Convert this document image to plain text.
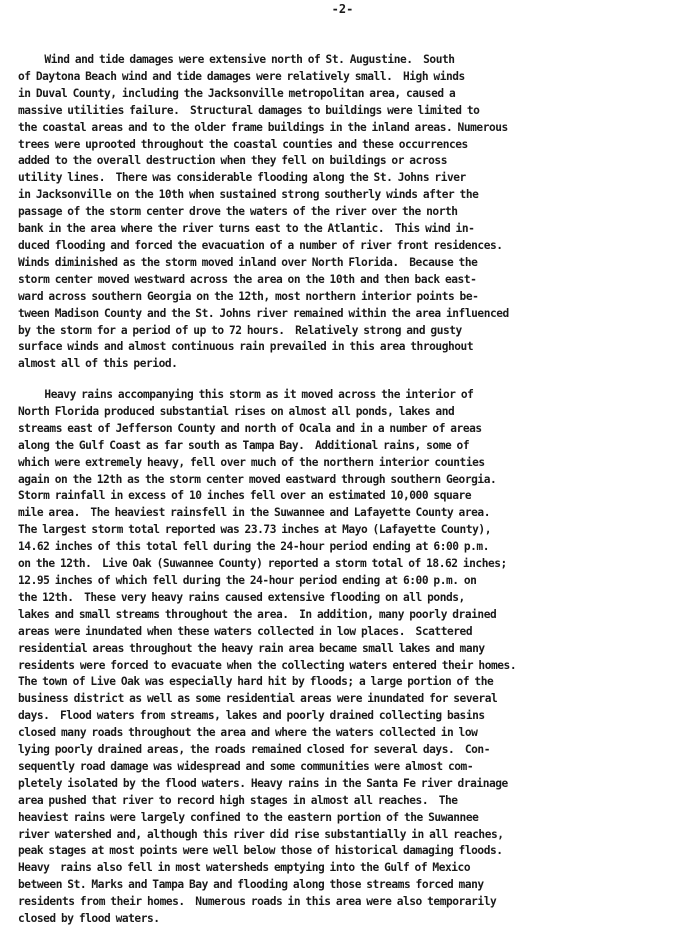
-2-
Wind and tide damages were extensive north of St. Augustine.  South
of Daytona Beach wind and tide damages were relatively small.  High winds
in Duval County, including the Jacksonville metropolitan area, caused a
massive utilities failure.  Structural damages to buildings were limited to
the coastal areas and to the older frame buildings in the inland areas. Numerous
trees were uprooted throughout the coastal counties and these occurrences
added to the overall destruction when they fell on buildings or across
utility lines.  There was considerable flooding along the St. Johns river
in Jacksonville on the 10th when sustained strong southerly winds after the
passage of the storm center drove the waters of the river over the north
bank in the area where the river turns east to the Atlantic.  This wind in-
duced flooding and forced the evacuation of a number of river front residences.
Winds diminished as the storm moved inland over North Florida.  Because the
storm center moved westward across the area on the 10th and then back east-
ward across southern Georgia on the 12th, most northern interior points be-
tween Madison County and the St. Johns river remained within the area influenced
by the storm for a period of up to 72 hours.  Relatively strong and gusty
surface winds and almost continuous rain prevailed in this area throughout
almost all of this period.
Heavy rains accompanying this storm as it moved across the interior of
North Florida produced substantial rises on almost all ponds, lakes and
streams east of Jefferson County and north of Ocala and in a number of areas
along the Gulf Coast as far south as Tampa Bay.  Additional rains, some of
which were extremely heavy, fell over much of the northern interior counties
again on the 12th as the storm center moved eastward through southern Georgia.
Storm rainfall in excess of 10 inches fell over an estimated 10,000 square
mile area.  The heaviest rainsfell in the Suwannee and Lafayette County area.
The largest storm total reported was 23.73 inches at Mayo (Lafayette County),
14.62 inches of this total fell during the 24-hour period ending at 6:00 p.m.
on the 12th.  Live Oak (Suwannee County) reported a storm total of 18.62 inches;
12.95 inches of which fell during the 24-hour period ending at 6:00 p.m. on
the 12th.  These very heavy rains caused extensive flooding on all ponds,
lakes and small streams throughout the area.  In addition, many poorly drained
areas were inundated when these waters collected in low places.  Scattered
residential areas throughout the heavy rain area became small lakes and many
residents were forced to evacuate when the collecting waters entered their homes.
The town of Live Oak was especially hard hit by floods; a large portion of the
business district as well as some residential areas were inundated for several
days.  Flood waters from streams, lakes and poorly drained collecting basins
closed many roads throughout the area and where the waters collected in low
lying poorly drained areas, the roads remained closed for several days.  Con-
sequently road damage was widespread and some communities were almost com-
pletely isolated by the flood waters. Heavy rains in the Santa Fe river drainage
area pushed that river to record high stages in almost all reaches.  The
heaviest rains were largely confined to the eastern portion of the Suwannee
river watershed and, although this river did rise substantially in all reaches,
peak stages at most points were well below those of historical damaging floods.
Heavy  rains also fell in most watersheds emptying into the Gulf of Mexico
between St. Marks and Tampa Bay and flooding along those streams forced many
residents from their homes.  Numerous roads in this area were also temporarily
closed by flood waters.
